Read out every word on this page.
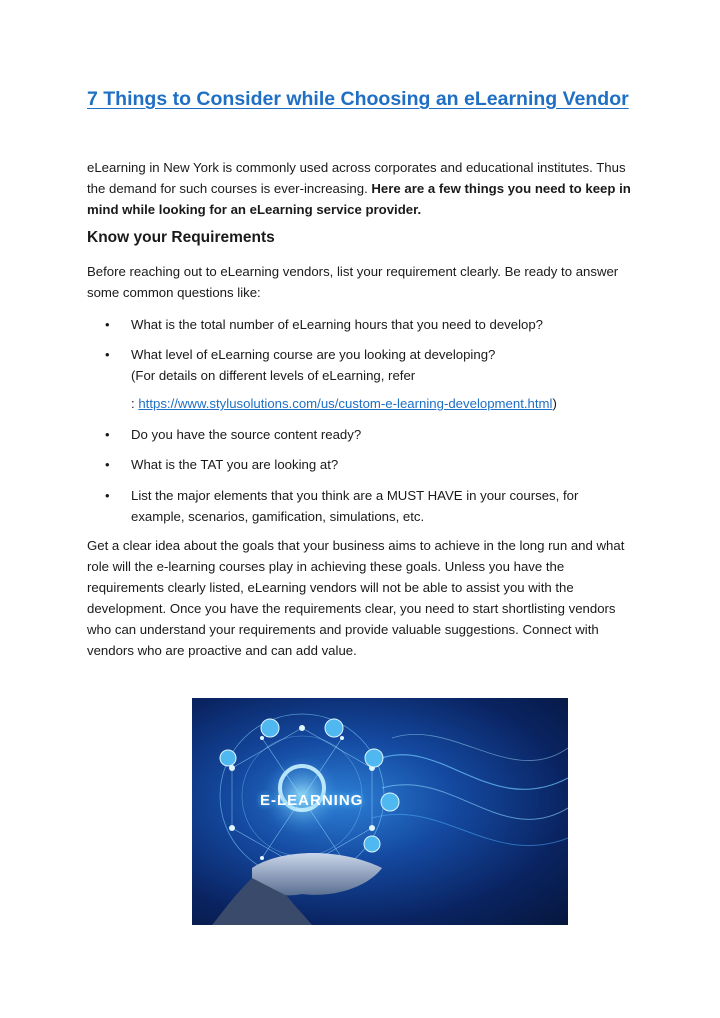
7 Things to Consider while Choosing an eLearning Vendor
eLearning in New York is commonly used across corporates and educational institutes. Thus
the demand for such courses is ever-increasing. Here are a few things you need to keep in
mind while looking for an eLearning service provider.
Know your Requirements
Before reaching out to eLearning vendors, list your requirement clearly. Be ready to answer
some common questions like:
• What is the total number of eLearning hours that you need to develop?
• What level of eLearning course are you looking at developing?
(For details on different levels of eLearning, refer
: https://www.stylusolutions.com/us/custom-e-learning-development.html)
• Do you have the source content ready?
• What is the TAT you are looking at?
• List the major elements that you think are a MUST HAVE in your courses, for
example, scenarios, gamification, simulations, etc.
Get a clear idea about the goals that your business aims to achieve in the long run and what
role will the e-learning courses play in achieving these goals. Unless you have the
requirements clearly listed, eLearning vendors will not be able to assist you with the
development. Once you have the requirements clear, you need to start shortlisting vendors
who can understand your requirements and provide valuable suggestions. Connect with
vendors who are proactive and can add value.
E-LEARNING
